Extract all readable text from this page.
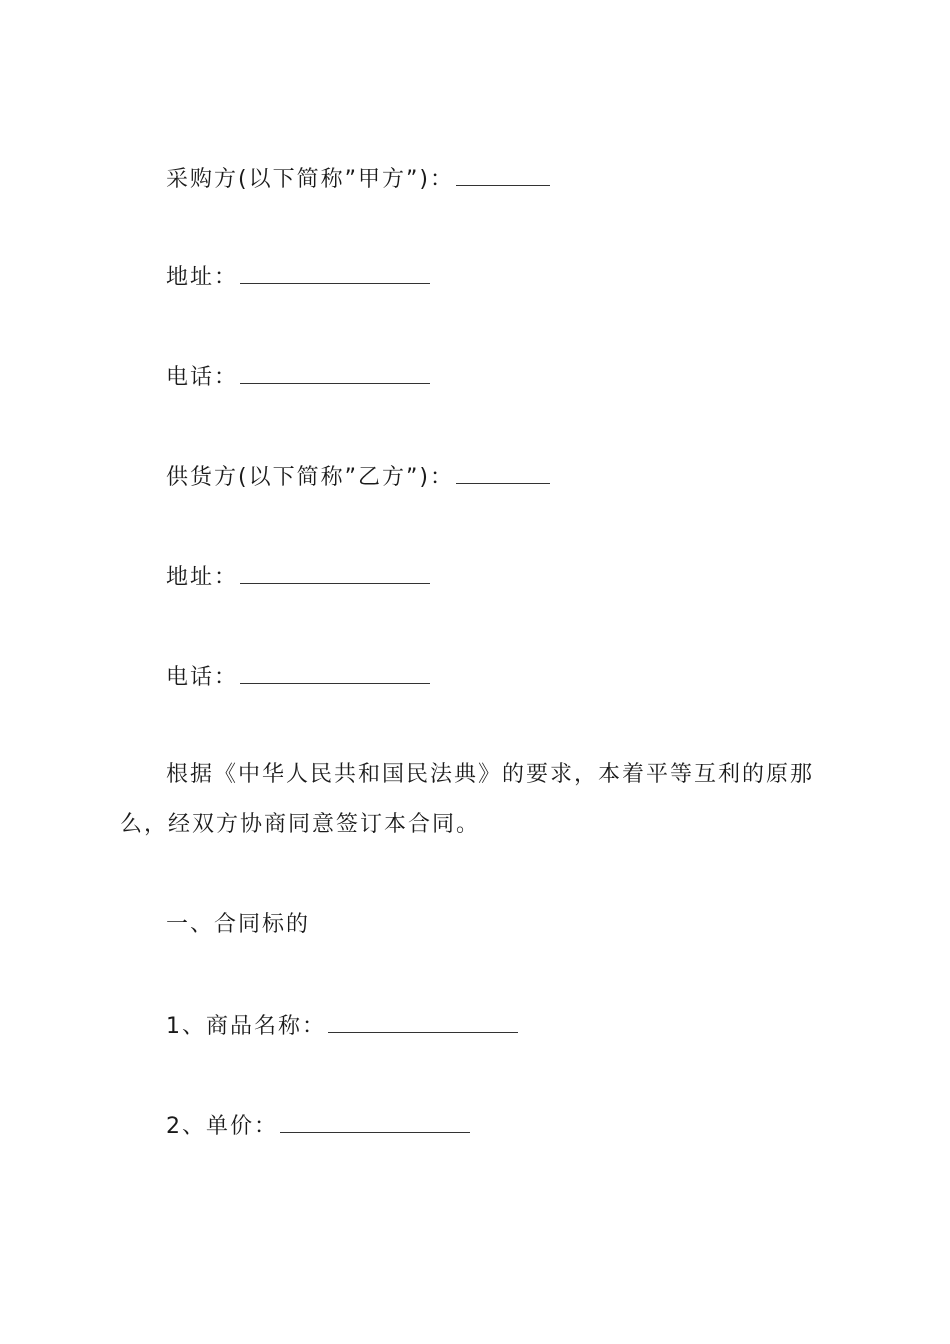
采购方(以下简称”甲方”)：
地址：
电话：
供货方(以下简称”乙方”)：
地址：
电话：
根据《中华人民共和国民法典》的要求，本着平等互利的原那么，经双方协商同意签订本合同。
一、合同标的
1、商品名称：
2、单价：
